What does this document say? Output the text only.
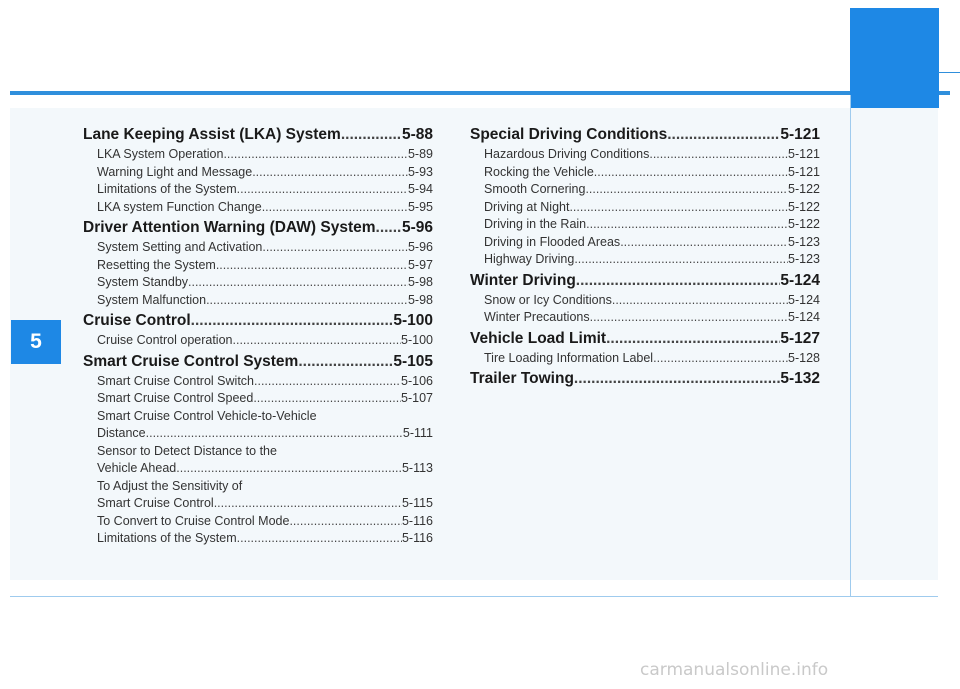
5
Lane Keeping Assist (LKA) System .....	5-88
LKA System Operation .....	5-89
Warning Light and Message .....	5-93
Limitations of the System .....	5-94
LKA system Function Change .....	5-95
Driver Attention Warning (DAW) System ..... 5-96
System Setting and Activation .....	5-96
Resetting the System .....	5-97
System Standby .....	5-98
System Malfunction .....	5-98
Cruise Control .....	5-100
Cruise Control operation .....	5-100
Smart Cruise Control System .....	5-105
Smart Cruise Control Switch .....	5-106
Smart Cruise Control Speed .....	5-107
Smart Cruise Control Vehicle-to-Vehicle
Distance .....	5-111
Sensor to Detect Distance to the
Vehicle Ahead .....	5-113
To Adjust the Sensitivity of
Smart Cruise Control .....	5-115
To Convert to Cruise Control Mode .....	5-116
Limitations of the System .....	5-116
Special Driving Conditions .....	5-121
Hazardous Driving Conditions .....	5-121
Rocking the Vehicle .....	5-121
Smooth Cornering .....	5-122
Driving at Night .....	5-122
Driving in the Rain .....	5-122
Driving in Flooded Areas .....	5-123
Highway Driving .....	5-123
Winter Driving .....	5-124
Snow or Icy Conditions .....	5-124
Winter Precautions .....	5-124
Vehicle Load Limit .....	5-127
Tire Loading Information Label .....	5-128
Trailer Towing .....	5-132
carmanualsonline.info
